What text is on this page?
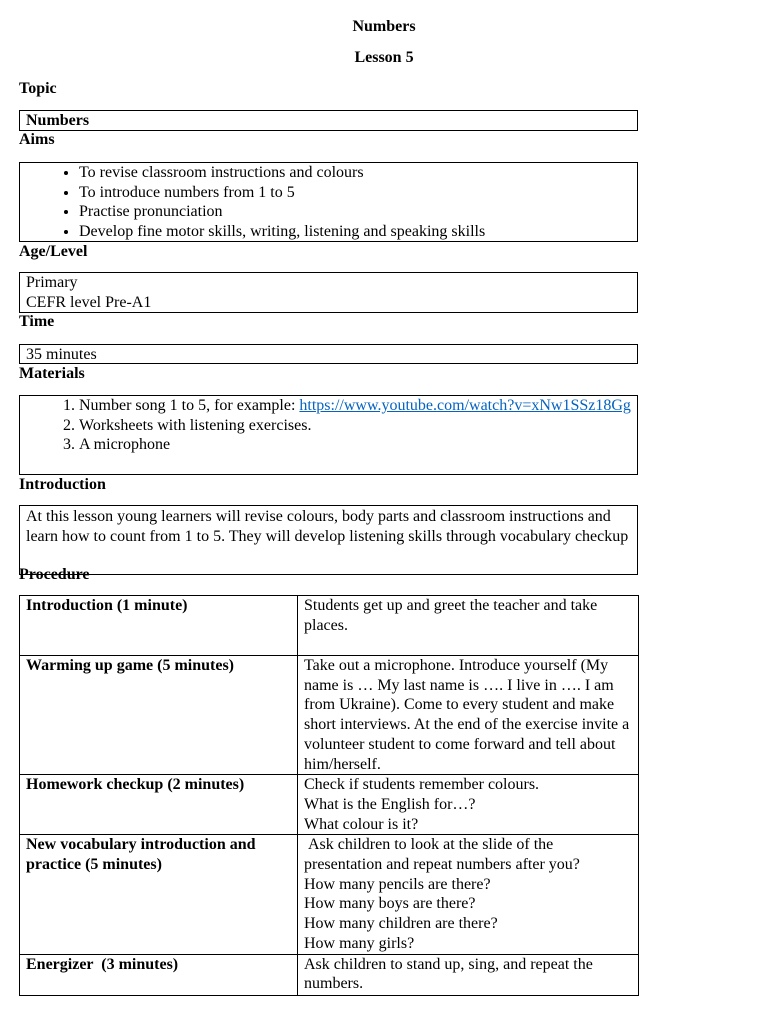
Numbers
Lesson 5
Topic
Numbers
Aims
• To revise classroom instructions and colours
• To introduce numbers from 1 to 5
• Practise pronunciation
• Develop fine motor skills, writing, listening and speaking skills
Age/Level
Primary
CEFR level Pre-A1
Time
35 minutes
Materials
1. Number song 1 to 5, for example: https://www.youtube.com/watch?v=xNw1SSz18Gg
2. Worksheets with listening exercises.
3. A microphone
Introduction
At this lesson young learners will revise colours, body parts and classroom instructions and learn how to count from 1 to 5. They will develop listening skills through vocabulary checkup
Procedure
Introduction (1 minute)	Students get up and greet the teacher and take places.

Warming up game (5 minutes)	Take out a microphone. Introduce yourself (My name is … My last name is …. I live in …. I am from Ukraine). Come to every student and make short interviews. At the end of the exercise invite a volunteer student to come forward and tell about him/herself.

Homework checkup (2 minutes)	Check if students remember colours.
What is the English for…?
What colour is it?

New vocabulary introduction and practice (5 minutes)	Ask children to look at the slide of the presentation and repeat numbers after you?
How many pencils are there?
How many boys are there?
How many children are there?
How many girls?

Energizer  (3 minutes)	Ask children to stand up, sing, and repeat the numbers.
